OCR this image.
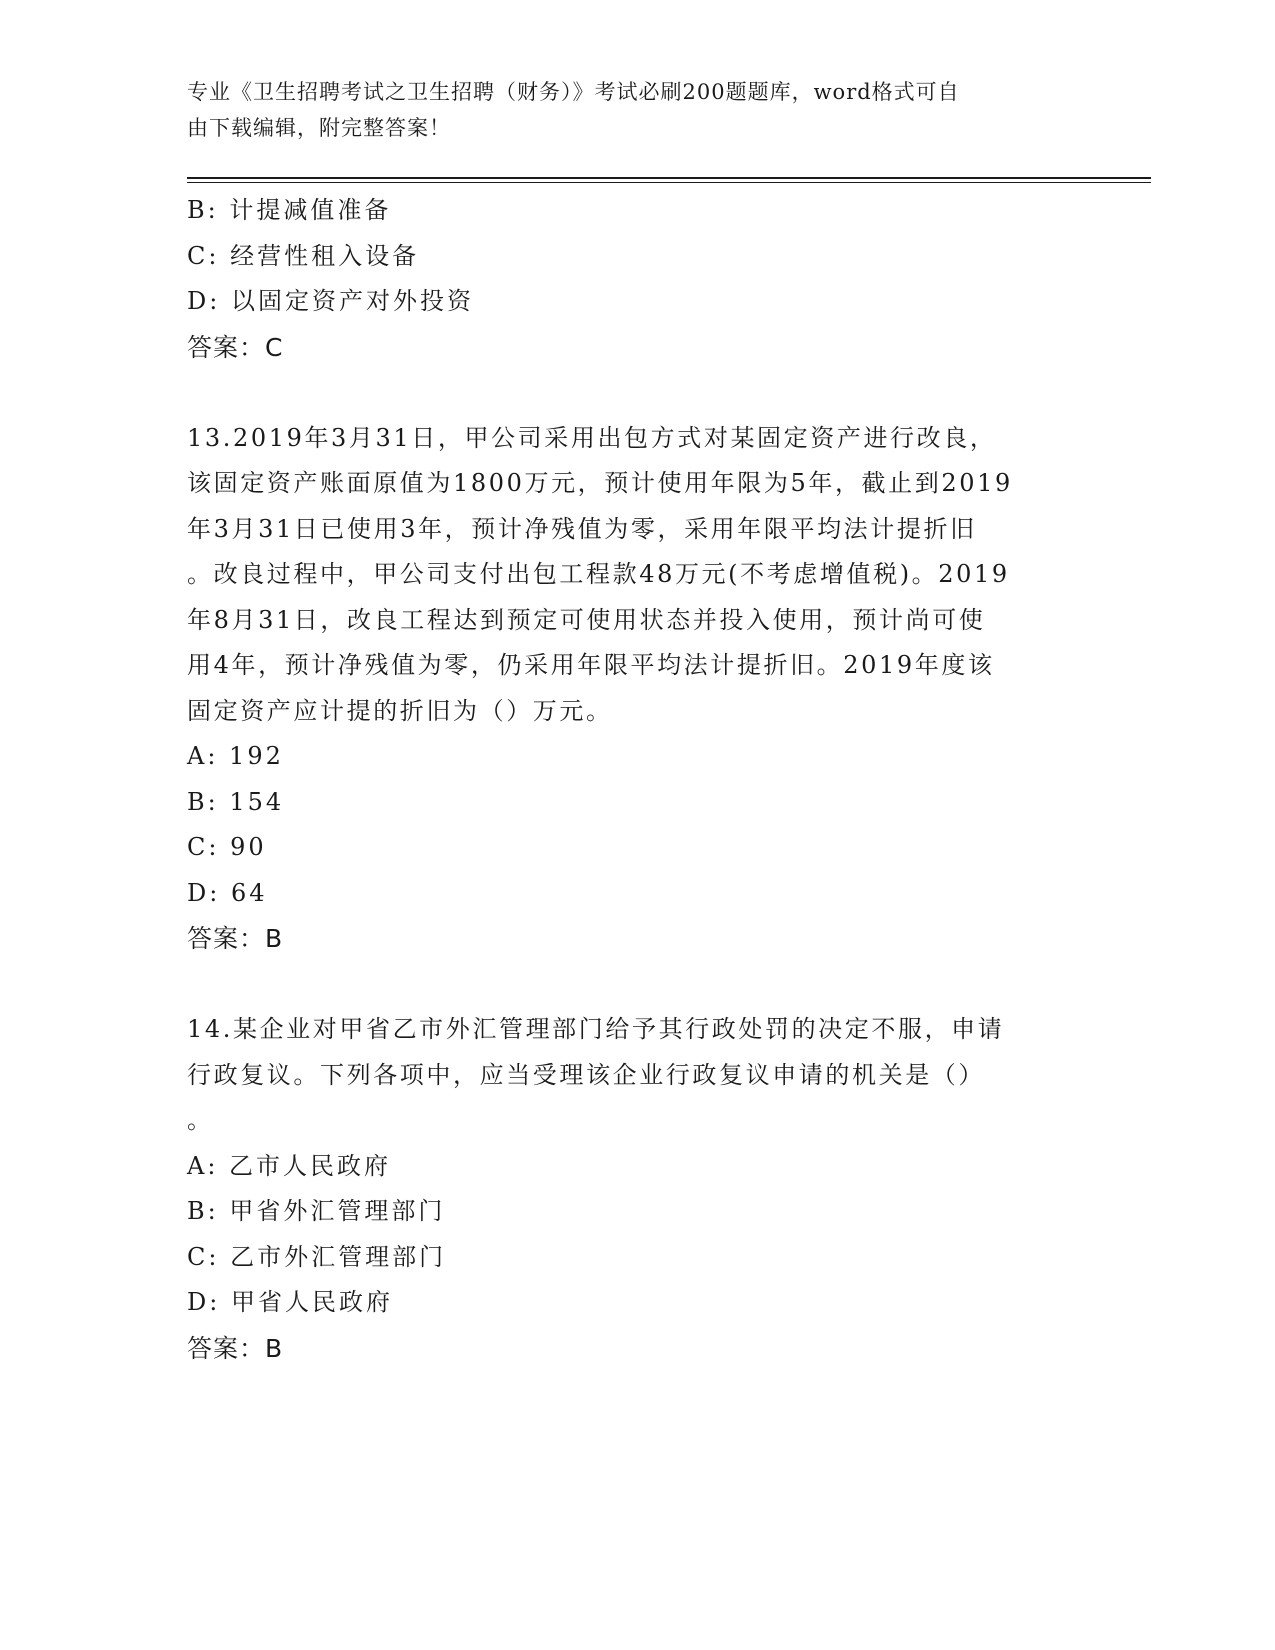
专业《卫生招聘考试之卫生招聘（财务）》考试必刷200题题库，word格式可自
由下载编辑，附完整答案！
B: 计提减值准备
C: 经营性租入设备
D: 以固定资产对外投资
答案：C

13.2019年3月31日，甲公司采用出包方式对某固定资产进行改良，

该固定资产账面原值为1800万元，预计使用年限为5年，截止到2019

年3月31日已使用3年，预计净残值为零，采用年限平均法计提折旧

。改良过程中，甲公司支付出包工程款48万元(不考虑增值税)。2019

年8月31日，改良工程达到预定可使用状态并投入使用，预计尚可使

用4年，预计净残值为零，仍采用年限平均法计提折旧。2019年度该

固定资产应计提的折旧为（）万元。

A: 192
B: 154
C: 90
D: 64
答案：B

14.某企业对甲省乙市外汇管理部门给予其行政处罚的决定不服，申请

行政复议。下列各项中，应当受理该企业行政复议申请的机关是（）

。

A: 乙市人民政府
B: 甲省外汇管理部门
C: 乙市外汇管理部门
D: 甲省人民政府
答案：B
